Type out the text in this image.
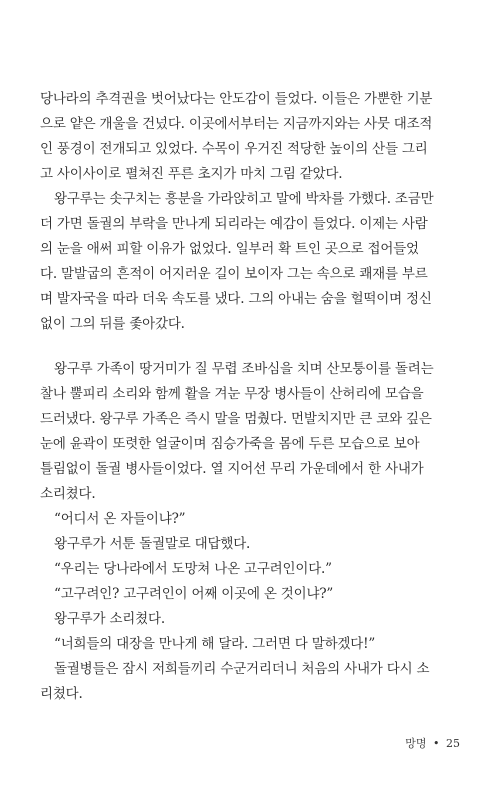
당나라의 추격권을 벗어났다는 안도감이 들었다. 이들은 가뿐한 기분
으로 얕은 개울을 건넜다. 이곳에서부터는 지금까지와는 사뭇 대조적
인 풍경이 전개되고 있었다. 수목이 우거진 적당한 높이의 산들 그리
고 사이사이로 펼쳐진 푸른 초지가 마치 그림 같았다.
왕구루는 솟구치는 흥분을 가라앉히고 말에 박차를 가했다. 조금만
더 가면 돌궐의 부락을 만나게 되리라는 예감이 들었다. 이제는 사람
의 눈을 애써 피할 이유가 없었다. 일부러 확 트인 곳으로 접어들었
다. 말발굽의 흔적이 어지러운 길이 보이자 그는 속으로 쾌재를 부르
며 발자국을 따라 더욱 속도를 냈다. 그의 아내는 숨을 헐떡이며 정신
없이 그의 뒤를 좇아갔다.
왕구루 가족이 땅거미가 질 무렵 조바심을 치며 산모퉁이를 돌려는
찰나 뿔피리 소리와 함께 활을 겨눈 무장 병사들이 산허리에 모습을
드러냈다. 왕구루 가족은 즉시 말을 멈췄다. 먼발치지만 큰 코와 깊은
눈에 윤곽이 또렷한 얼굴이며 짐승가죽을 몸에 두른 모습으로 보아
틀림없이 돌궐 병사들이었다. 열 지어선 무리 가운데에서 한 사내가
소리쳤다.
“어디서 온 자들이냐?”
왕구루가 서툰 돌궐말로 대답했다.
“우리는 당나라에서 도망쳐 나온 고구려인이다.”
“고구려인? 고구려인이 어째 이곳에 온 것이냐?”
왕구루가 소리쳤다.
“너희들의 대장을 만나게 해 달라. 그러면 다 말하겠다!”
돌궐병들은 잠시 저희들끼리 수군거리더니 처음의 사내가 다시 소
리쳤다.
망명 • 25
